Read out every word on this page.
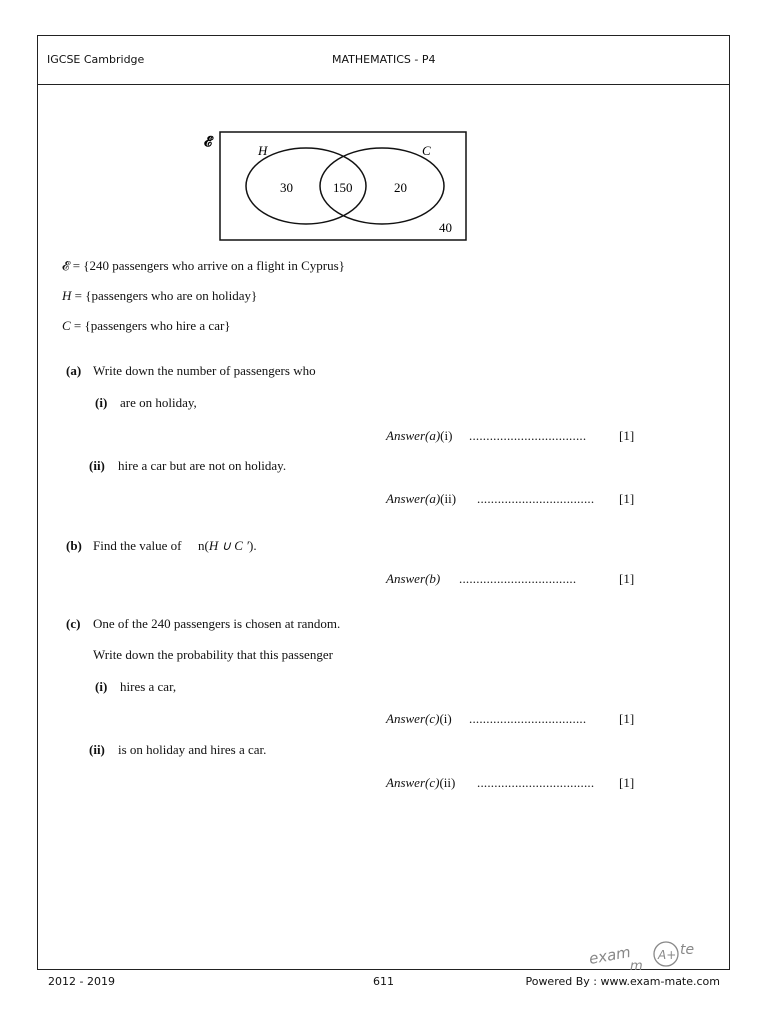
IGCSE Cambridge	MATHEMATICS - P4
𝓔
H	C
30	150	20
40
𝓔 = {240 passengers who arrive on a flight in Cyprus}
H = {passengers who are on holiday}
C = {passengers who hire a car}
(a) Write down the number of passengers who
(i) are on holiday,
Answer(a)(i) ..................................	[1]
(ii) hire a car but are not on holiday.
Answer(a)(ii) .................................. [1]
(b) Find the value of n(H ∪ C ′).
Answer(b) ..................................	[1]
(c) One of the 240 passengers is chosen at random.
Write down the probability that this passenger
(i) hires a car,
Answer(c)(i) ..................................	[1]
(ii) is on holiday and hires a car.
Answer(c)(ii) .................................. [1]
exam
m
A+ te
2012 - 2019	611	Powered By : www.exam-mate.com
